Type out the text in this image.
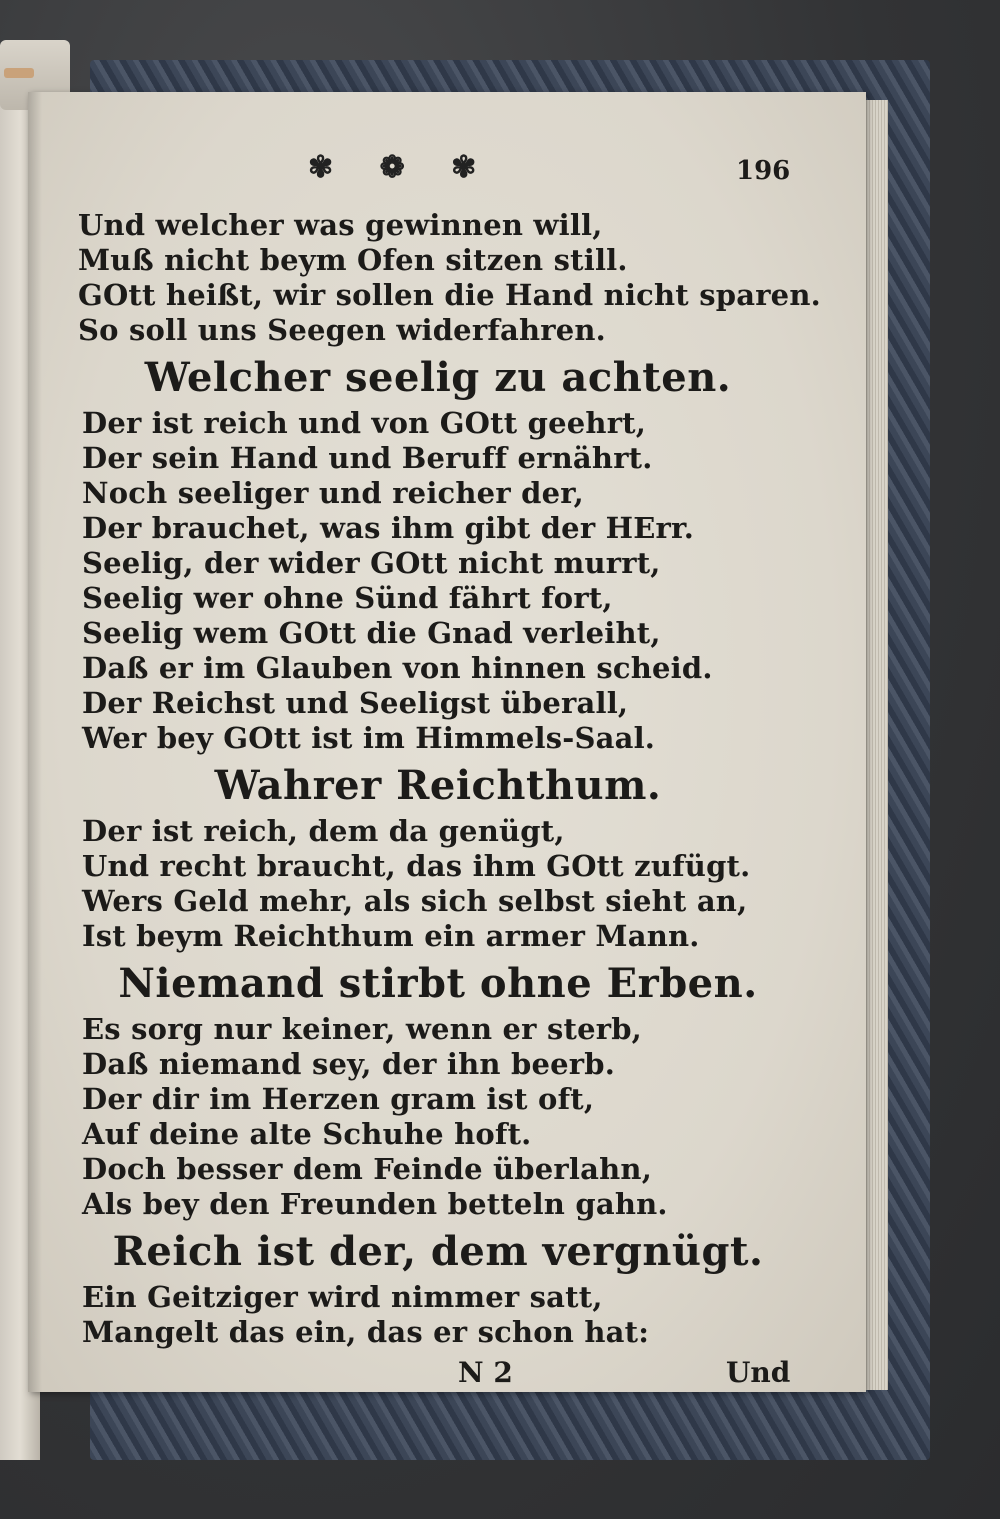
✾ ❁ ✾	196
Und welcher was gewinnen will,
Muß nicht beym Ofen sitzen still.
GOtt heißt, wir sollen die Hand nicht sparen.
So soll uns Seegen widerfahren.
Welcher seelig zu achten.
Der ist reich und von GOtt geehrt,
Der sein Hand und Beruff ernährt.
Noch seeliger und reicher der,
Der brauchet, was ihm gibt der HErr.
Seelig, der wider GOtt nicht murrt,
Seelig wer ohne Sünd fährt fort,
Seelig wem GOtt die Gnad verleiht,
Daß er im Glauben von hinnen scheid.
Der Reichst und Seeligst überall,
Wer bey GOtt ist im Himmels-Saal.
Wahrer Reichthum.
Der ist reich, dem da genügt,
Und recht braucht, das ihm GOtt zufügt.
Wers Geld mehr, als sich selbst sieht an,
Ist beym Reichthum ein armer Mann.
Niemand stirbt ohne Erben.
Es sorg nur keiner, wenn er sterb,
Daß niemand sey, der ihn beerb.
Der dir im Herzen gram ist oft,
Auf deine alte Schuhe hoft.
Doch besser dem Feinde überlahn,
Als bey den Freunden betteln gahn.
Reich ist der, dem vergnügt.
Ein Geitziger wird nimmer satt,
Mangelt das ein, das er schon hat:
N 2	Und
